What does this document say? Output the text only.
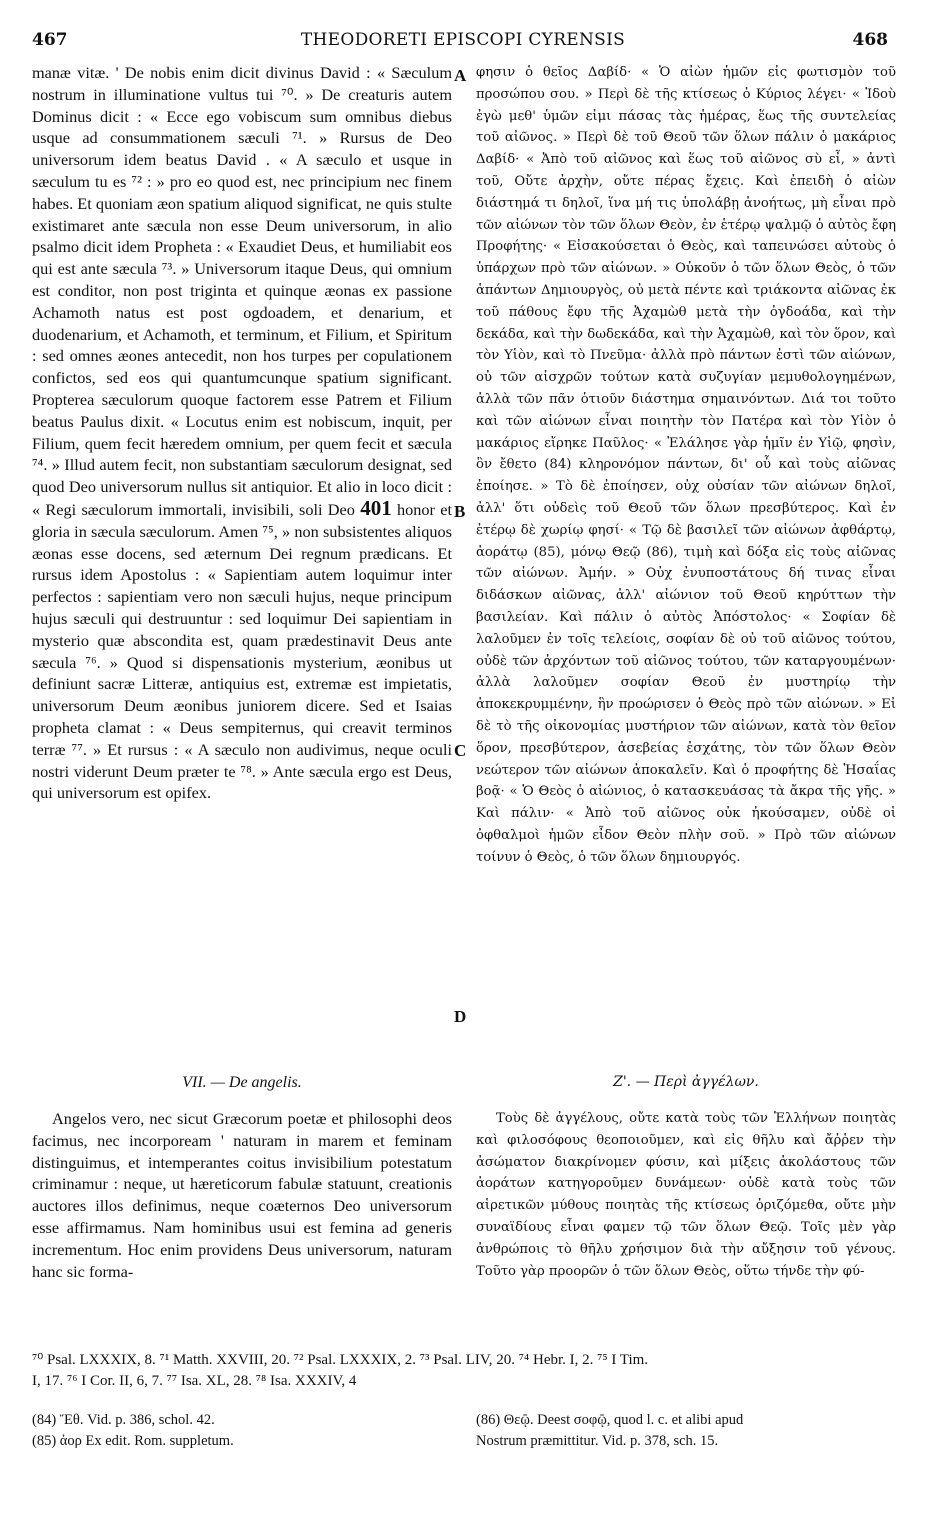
467	THEODORETI EPISCOPI CYRENSIS	468
A
B
C
D

manæ vitæ. ' De nobis enim dicit divinus David : « Sæculum nostrum in illuminatione vultus tui ⁷⁰. » De creaturis autem Dominus dicit : « Ecce ego vobiscum sum omnibus diebus usque ad consummationem sæculi ⁷¹. » Rursus de Deo universorum idem beatus David . « A sæculo et usque in sæculum tu es ⁷² : » pro eo quod est, nec principium nec finem habes. Et quoniam æon spatium aliquod significat, ne quis stulte existimaret ante sæcula non esse Deum universorum, in alio psalmo dicit idem Propheta : « Exaudiet Deus, et humiliabit eos qui est ante sæcula ⁷³. » Universorum itaque Deus, qui omnium est conditor, non post triginta et quinque æonas ex passione Achamoth natus est post ogdoadem, et denarium, et duodenarium, et Achamoth, et terminum, et Filium, et Spiritum : sed omnes æones antecedit, non hos turpes per copulationem confictos, sed eos qui quantumcunque spatium significant. Propterea sæculorum quoque factorem esse Patrem et Filium beatus Paulus dixit. « Locutus enim est nobiscum, inquit, per Filium, quem fecit hæredem omnium, per quem fecit et sæcula ⁷⁴. » Illud autem fecit, non substantiam sæculorum designat, sed quod Deo universorum nullus sit antiquior. Et alio in loco dicit : « Regi sæculorum immortali, invisibili, soli Deo 401 honor et gloria in sæcula sæculorum. Amen ⁷⁵, » non subsistentes aliquos æonas esse docens, sed æternum Dei regnum prædicans. Et rursus idem Apostolus : « Sapientiam autem loquimur inter perfectos : sapientiam vero non sæculi hujus, neque principum hujus sæculi qui destruuntur : sed loquimur Dei sapientiam in mysterio quæ abscondita est, quam prædestinavit Deus ante sæcula ⁷⁶. » Quod si dispensationis mysterium, æonibus ut definiunt sacræ Litteræ, antiquius est, extremæ est impietatis, universorum Deum æonibus juniorem dicere. Sed et Isaias propheta clamat : « Deus sempiternus, qui creavit terminos terræ ⁷⁷. » Et rursus : « A sæculo non audivimus, neque oculi nostri viderunt Deum præter te ⁷⁸. » Ante sæcula ergo est Deus, qui universorum est opifex.

VII. — De angelis.

Angelos vero, nec sicut Græcorum poetæ et philosophi deos facimus, nec incorpoream ' naturam in marem et feminam distinguimus, et intemperantes coitus invisibilium potestatum criminamur : neque, ut hæreticorum fabulæ statuunt, creationis auctores illos definimus, neque coæternos Deo universorum esse affirmamus. Nam hominibus usui est femina ad generis incrementum. Hoc enim providens Deus universorum, naturam hanc sic forma-

φησιν ὁ θεῖος Δαβίδ· « Ὁ αἰὼν ἡμῶν εἰς φωτισμὸν τοῦ προσώπου σου. » Περὶ δὲ τῆς κτίσεως ὁ Κύριος λέγει· « Ἰδοὺ ἐγὼ μεθ' ὑμῶν εἰμι πάσας τὰς ἡμέρας, ἕως τῆς συντελείας τοῦ αἰῶνος. » Περὶ δὲ τοῦ Θεοῦ τῶν ὅλων πάλιν ὁ μακάριος Δαβίδ· « Ἀπὸ τοῦ αἰῶνος καὶ ἕως τοῦ αἰῶνος σὺ εἶ, » ἀντὶ τοῦ, Οὔτε ἀρχὴν, οὔτε πέρας ἔχεις. Καὶ ἐπειδὴ ὁ αἰὼν διάστημά τι δηλοῖ, ἵνα μή τις ὑπολάβῃ ἀνοήτως, μὴ εἶναι πρὸ τῶν αἰώνων τὸν τῶν ὅλων Θεὸν, ἐν ἑτέρῳ ψαλμῷ ὁ αὐτὸς ἔφη Προφήτης· « Εἰσακούσεται ὁ Θεὸς, καὶ ταπεινώσει αὐτοὺς ὁ ὑπάρχων πρὸ τῶν αἰώνων. » Οὐκοῦν ὁ τῶν ὅλων Θεὸς, ὁ τῶν ἁπάντων Δημιουργὸς, οὐ μετὰ πέντε καὶ τριάκοντα αἰῶνας ἐκ τοῦ πάθους ἔφυ τῆς Ἀχαμὼθ μετὰ τὴν ὀγδοάδα, καὶ τὴν δεκάδα, καὶ τὴν δωδεκάδα, καὶ τὴν Ἀχαμὼθ, καὶ τὸν ὅρον, καὶ τὸν Υἱὸν, καὶ τὸ Πνεῦμα· ἀλλὰ πρὸ πάντων ἐστὶ τῶν αἰώνων, οὐ τῶν αἰσχρῶν τούτων κατὰ συζυγίαν μεμυθολογημένων, ἀλλὰ τῶν πᾶν ὁτιοῦν διάστημα σημαινόντων. Διά τοι τοῦτο καὶ τῶν αἰώνων εἶναι ποιητὴν τὸν Πατέρα καὶ τὸν Υἱὸν ὁ μακάριος εἴρηκε Παῦλος· « Ἐλάλησε γὰρ ἡμῖν ἐν Υἱῷ, φησὶν, ὃν ἔθετο (84) κληρονόμον πάντων, δι' οὗ καὶ τοὺς αἰῶνας ἐποίησε. » Τὸ δὲ ἐποίησεν, οὐχ οὐσίαν τῶν αἰώνων δηλοῖ, ἀλλ' ὅτι οὐδεὶς τοῦ Θεοῦ τῶν ὅλων πρεσβύτερος. Καὶ ἐν ἑτέρῳ δὲ χωρίῳ φησί· « Τῷ δὲ βασιλεῖ τῶν αἰώνων ἀφθάρτῳ, ἀοράτῳ (85), μόνῳ Θεῷ (86), τιμὴ καὶ δόξα εἰς τοὺς αἰῶνας τῶν αἰώνων. Ἀμήν. » Οὐχ ἐνυποστάτους δή τινας εἶναι διδάσκων αἰῶνας, ἀλλ' αἰώνιον τοῦ Θεοῦ κηρύττων τὴν βασιλείαν. Καὶ πάλιν ὁ αὐτὸς Ἀπόστολος· « Σοφίαν δὲ λαλοῦμεν ἐν τοῖς τελείοις, σοφίαν δὲ οὐ τοῦ αἰῶνος τούτου, οὐδὲ τῶν ἀρχόντων τοῦ αἰῶνος τούτου, τῶν καταργουμένων· ἀλλὰ λαλοῦμεν σοφίαν Θεοῦ ἐν μυστηρίῳ τὴν ἀποκεκρυμμένην, ἣν προώρισεν ὁ Θεὸς πρὸ τῶν αἰώνων. » Εἰ δὲ τὸ τῆς οἰκονομίας μυστήριον τῶν αἰώνων, κατὰ τὸν θεῖον ὅρον, πρεσβύτερον, ἀσεβείας ἐσχάτης, τὸν τῶν ὅλων Θεὸν νεώτερον τῶν αἰώνων ἀποκαλεῖν. Καὶ ὁ προφήτης δὲ Ἡσαΐας βοᾷ· « Ὁ Θεὸς ὁ αἰώνιος, ὁ κατασκευάσας τὰ ἄκρα τῆς γῆς. » Καὶ πάλιν· « Ἀπὸ τοῦ αἰῶνος οὐκ ἠκούσαμεν, οὐδὲ οἱ ὀφθαλμοὶ ἡμῶν εἶδον Θεὸν πλὴν σοῦ. » Πρὸ τῶν αἰώνων τοίνυν ὁ Θεὸς, ὁ τῶν ὅλων δημιουργός.

Ζ'. — Περὶ ἀγγέλων.

Τοὺς δὲ ἀγγέλους, οὔτε κατὰ τοὺς τῶν Ἑλλήνων ποιητὰς καὶ φιλοσόφους θεοποιοῦμεν, καὶ εἰς θῆλυ καὶ ἄῤῥεν τὴν ἀσώματον διακρίνομεν φύσιν, καὶ μίξεις ἀκολάστους τῶν ἀοράτων κατηγοροῦμεν δυνάμεων· οὐδὲ κατὰ τοὺς τῶν αἱρετικῶν μύθους ποιητὰς τῆς κτίσεως ὁριζόμεθα, οὔτε μὴν συναϊδίους εἶναι φαμεν τῷ τῶν ὅλων Θεῷ. Τοῖς μὲν γὰρ ἀνθρώποις τὸ θῆλυ χρήσιμον διὰ τὴν αὔξησιν τοῦ γένους. Τοῦτο γὰρ προορῶν ὁ τῶν ὅλων Θεὸς, οὕτω τήνδε τὴν φύ-

⁷⁰ Psal. LXXXIX, 8. ⁷¹ Matth. XXVIII, 20. ⁷² Psal. LXXXIX, 2. ⁷³ Psal. LIV, 20. ⁷⁴ Hebr. I, 2. ⁷⁵ I Tim.

I, 17. ⁷⁶ I Cor. II, 6, 7. ⁷⁷ Isa. XL, 28. ⁷⁸ Isa. XXXIV, 4

(84) Ἔθ. Vid. p. 386, schol. 42.

(85) ἀορ Ex edit. Rom. suppletum.

(86) Θεῷ. Deest σοφῷ, quod l. c. et alibi apud

Nostrum præmittitur. Vid. p. 378, sch. 15.
